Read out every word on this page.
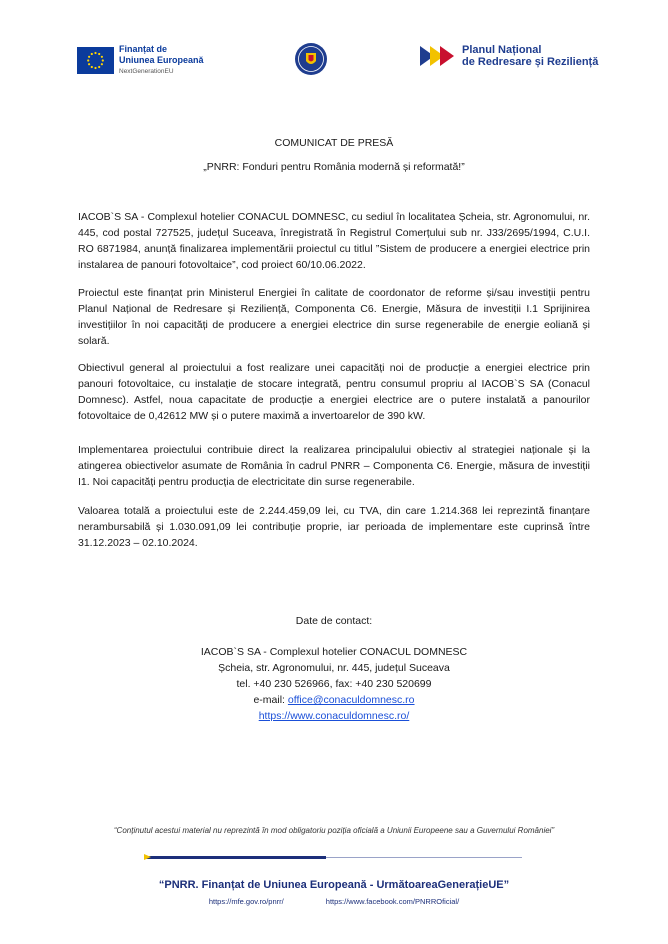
Finanțat de
Uniunea Europeană
NextGenerationEU
Planul Național
de Redresare și Reziliență
COMUNICAT DE PRESĂ
„PNRR: Fonduri pentru România modernă și reformată!”

IACOB`S SA - Complexul hotelier CONACUL DOMNESC, cu sediul în localitatea Șcheia, str. Agronomului, nr. 445, cod postal 727525, județul Suceava, înregistrată în Registrul Comerțului sub nr. J33/2695/1994, C.U.I. RO 6871984, anunță finalizarea implementării proiectul cu titlul ”Sistem de producere a energiei electrice prin instalarea de panouri fotovoltaice”, cod proiect 60/10.06.2022.

Proiectul este finanțat prin Ministerul Energiei în calitate de coordonator de reforme și/sau investiții pentru Planul Național de Redresare și Reziliență, Componenta C6. Energie, Măsura de investiții I.1 Sprijinirea investițiilor în noi capacități de producere a energiei electrice din surse regenerabile de energie eoliană și solară.

Obiectivul general al proiectului a fost realizare unei capacități noi de producție a energiei electrice prin panouri fotovoltaice, cu instalație de stocare integrată, pentru consumul propriu al IACOB`S SA (Conacul Domnesc). Astfel, noua capacitate de producție a energiei electrice are o putere instalată a panourilor fotovoltaice de 0,42612 MW și o putere maximă a invertoarelor de 390 kW.

Implementarea proiectului contribuie direct la realizarea principalului obiectiv al strategiei naționale și la atingerea obiectivelor asumate de România în cadrul PNRR – Componenta C6. Energie, măsura de investiții I1. Noi capacități pentru producția de electricitate din surse regenerabile.

Valoarea totală a proiectului este de 2.244.459,09 lei, cu TVA, din care 1.214.368 lei reprezintă finanțare nerambursabilă și 1.030.091,09 lei contribuție proprie, iar perioada de implementare este cuprinsă între 31.12.2023 – 02.10.2024.

Date de contact:
IACOB`S SA - Complexul hotelier CONACUL DOMNESC
Șcheia, str. Agronomului, nr. 445, județul Suceava
tel. +40 230 526966, fax: +40 230 520699
e-mail: office@conaculdomnesc.ro
https://www.conaculdomnesc.ro/
“Conținutul acestui material nu reprezintă în mod obligatoriu poziția oficială a Uniunii Europeene sau a Guvernului României”
“PNRR. Finanțat de Uniunea Europeană - UrmătoareaGenerațieUE”
https://mfe.gov.ro/pnrr/	https://www.facebook.com/PNRROficial/
